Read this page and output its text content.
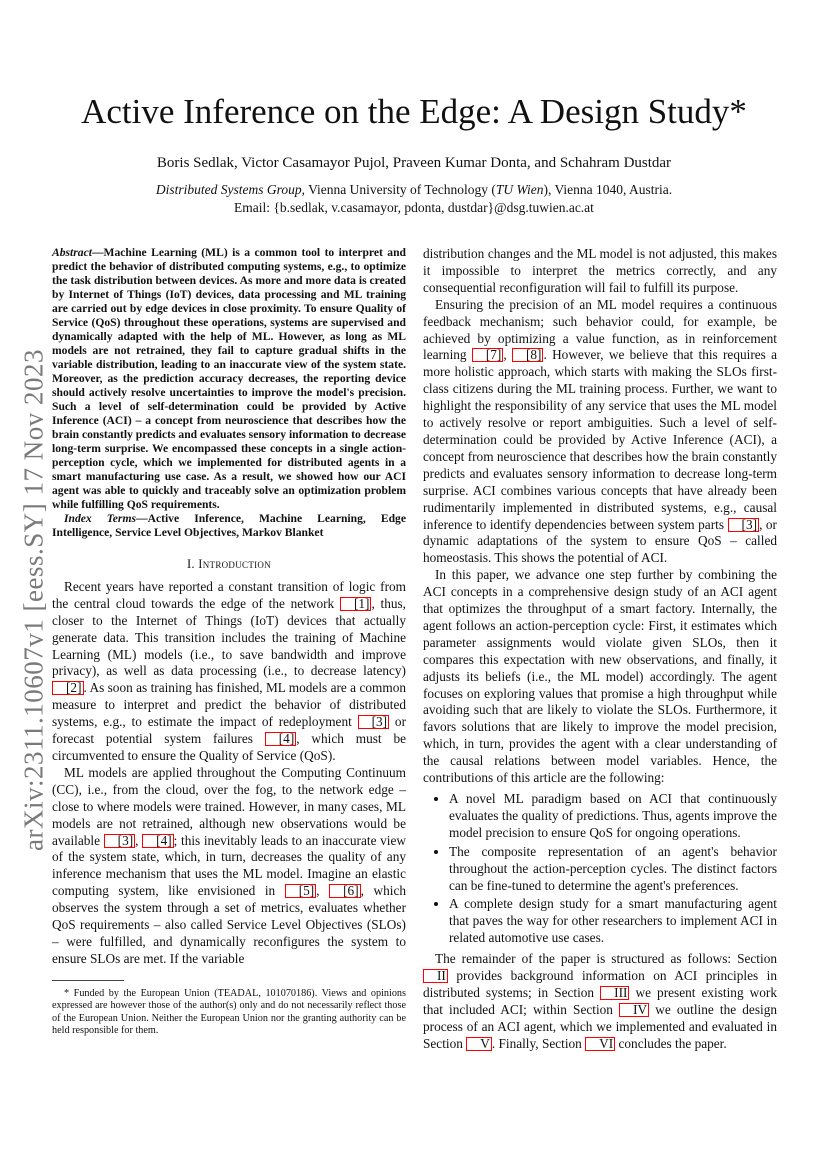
arXiv:2311.10607v1 [eess.SY] 17 Nov 2023
Active Inference on the Edge: A Design Study*
Boris Sedlak, Victor Casamayor Pujol, Praveen Kumar Donta, and Schahram Dustdar
Distributed Systems Group, Vienna University of Technology (TU Wien), Vienna 1040, Austria.
Email: {b.sedlak, v.casamayor, pdonta, dustdar}@dsg.tuwien.ac.at

Abstract—Machine Learning (ML) is a common tool to interpret and predict the behavior of distributed computing systems, e.g., to optimize the task distribution between devices. As more and more data is created by Internet of Things (IoT) devices, data processing and ML training are carried out by edge devices in close proximity. To ensure Quality of Service (QoS) throughout these operations, systems are supervised and dynamically adapted with the help of ML. However, as long as ML models are not retrained, they fail to capture gradual shifts in the variable distribution, leading to an inaccurate view of the system state. Moreover, as the prediction accuracy decreases, the reporting device should actively resolve uncertainties to improve the model's precision. Such a level of self-determination could be provided by Active Inference (ACI) – a concept from neuroscience that describes how the brain constantly predicts and evaluates sensory information to decrease long-term surprise. We encompassed these concepts in a single action-perception cycle, which we implemented for distributed agents in a smart manufacturing use case. As a result, we showed how our ACI agent was able to quickly and traceably solve an optimization problem while fulfilling QoS requirements.

Index Terms—Active Inference, Machine Learning, Edge Intelligence, Service Level Objectives, Markov Blanket

I. Introduction

Recent years have reported a constant transition of logic from the central cloud towards the edge of the network [1] , thus, closer to the Internet of Things (IoT) devices that actually generate data. This transition includes the training of Machine Learning (ML) models (i.e., to save bandwidth and improve privacy), as well as data processing (i.e., to decrease latency) [2] . As soon as training has finished, ML models are a common measure to interpret and predict the behavior of distributed systems, e.g., to estimate the impact of redeployment [3] or forecast potential system failures [4] , which must be circumvented to ensure the Quality of Service (QoS).

ML models are applied throughout the Computing Continuum (CC), i.e., from the cloud, over the fog, to the network edge – close to where models were trained. However, in many cases, ML models are not retrained, although new observations would be available [3] , [4] ; this inevitably leads to an inaccurate view of the system state, which, in turn, decreases the quality of any inference mechanism that uses the ML model. Imagine an elastic computing system, like envisioned in [5] , [6] , which observes the system through a set of metrics, evaluates whether QoS requirements – also called Service Level Objectives (SLOs) – were fulfilled, and dynamically reconfigures the system to ensure SLOs are met. If the variable

* Funded by the European Union (TEADAL, 101070186). Views and opinions expressed are however those of the author(s) only and do not necessarily reflect those of the European Union. Neither the European Union nor the granting authority can be held responsible for them.

distribution changes and the ML model is not adjusted, this makes it impossible to interpret the metrics correctly, and any consequential reconfiguration will fail to fulfill its purpose.

Ensuring the precision of an ML model requires a continuous feedback mechanism; such behavior could, for example, be achieved by optimizing a value function, as in reinforcement learning [7] , [8] . However, we believe that this requires a more holistic approach, which starts with making the SLOs first-class citizens during the ML training process. Further, we want to highlight the responsibility of any service that uses the ML model to actively resolve or report ambiguities. Such a level of self-determination could be provided by Active Inference (ACI), a concept from neuroscience that describes how the brain constantly predicts and evaluates sensory information to decrease long-term surprise. ACI combines various concepts that have already been rudimentarily implemented in distributed systems, e.g., causal inference to identify dependencies between system parts [3] , or dynamic adaptations of the system to ensure QoS – called homeostasis. This shows the potential of ACI.

In this paper, we advance one step further by combining the ACI concepts in a comprehensive design study of an ACI agent that optimizes the throughput of a smart factory. Internally, the agent follows an action-perception cycle: First, it estimates which parameter assignments would violate given SLOs, then it compares this expectation with new observations, and finally, it adjusts its beliefs (i.e., the ML model) accordingly. The agent focuses on exploring values that promise a high throughput while avoiding such that are likely to violate the SLOs. Furthermore, it favors solutions that are likely to improve the model precision, which, in turn, provides the agent with a clear understanding of the causal relations between model variables. Hence, the contributions of this article are the following:

• A novel ML paradigm based on ACI that continuously evaluates the quality of predictions. Thus, agents improve the model precision to ensure QoS for ongoing operations.
• The composite representation of an agent's behavior throughout the action-perception cycles. The distinct factors can be fine-tuned to determine the agent's preferences.
• A complete design study for a smart manufacturing agent that paves the way for other researchers to implement ACI in related automotive use cases.

The remainder of the paper is structured as follows: Section II provides background information on ACI principles in distributed systems; in Section III we present existing work that included ACI; within Section IV we outline the design process of an ACI agent, which we implemented and evaluated in Section V . Finally, Section VI concludes the paper.
